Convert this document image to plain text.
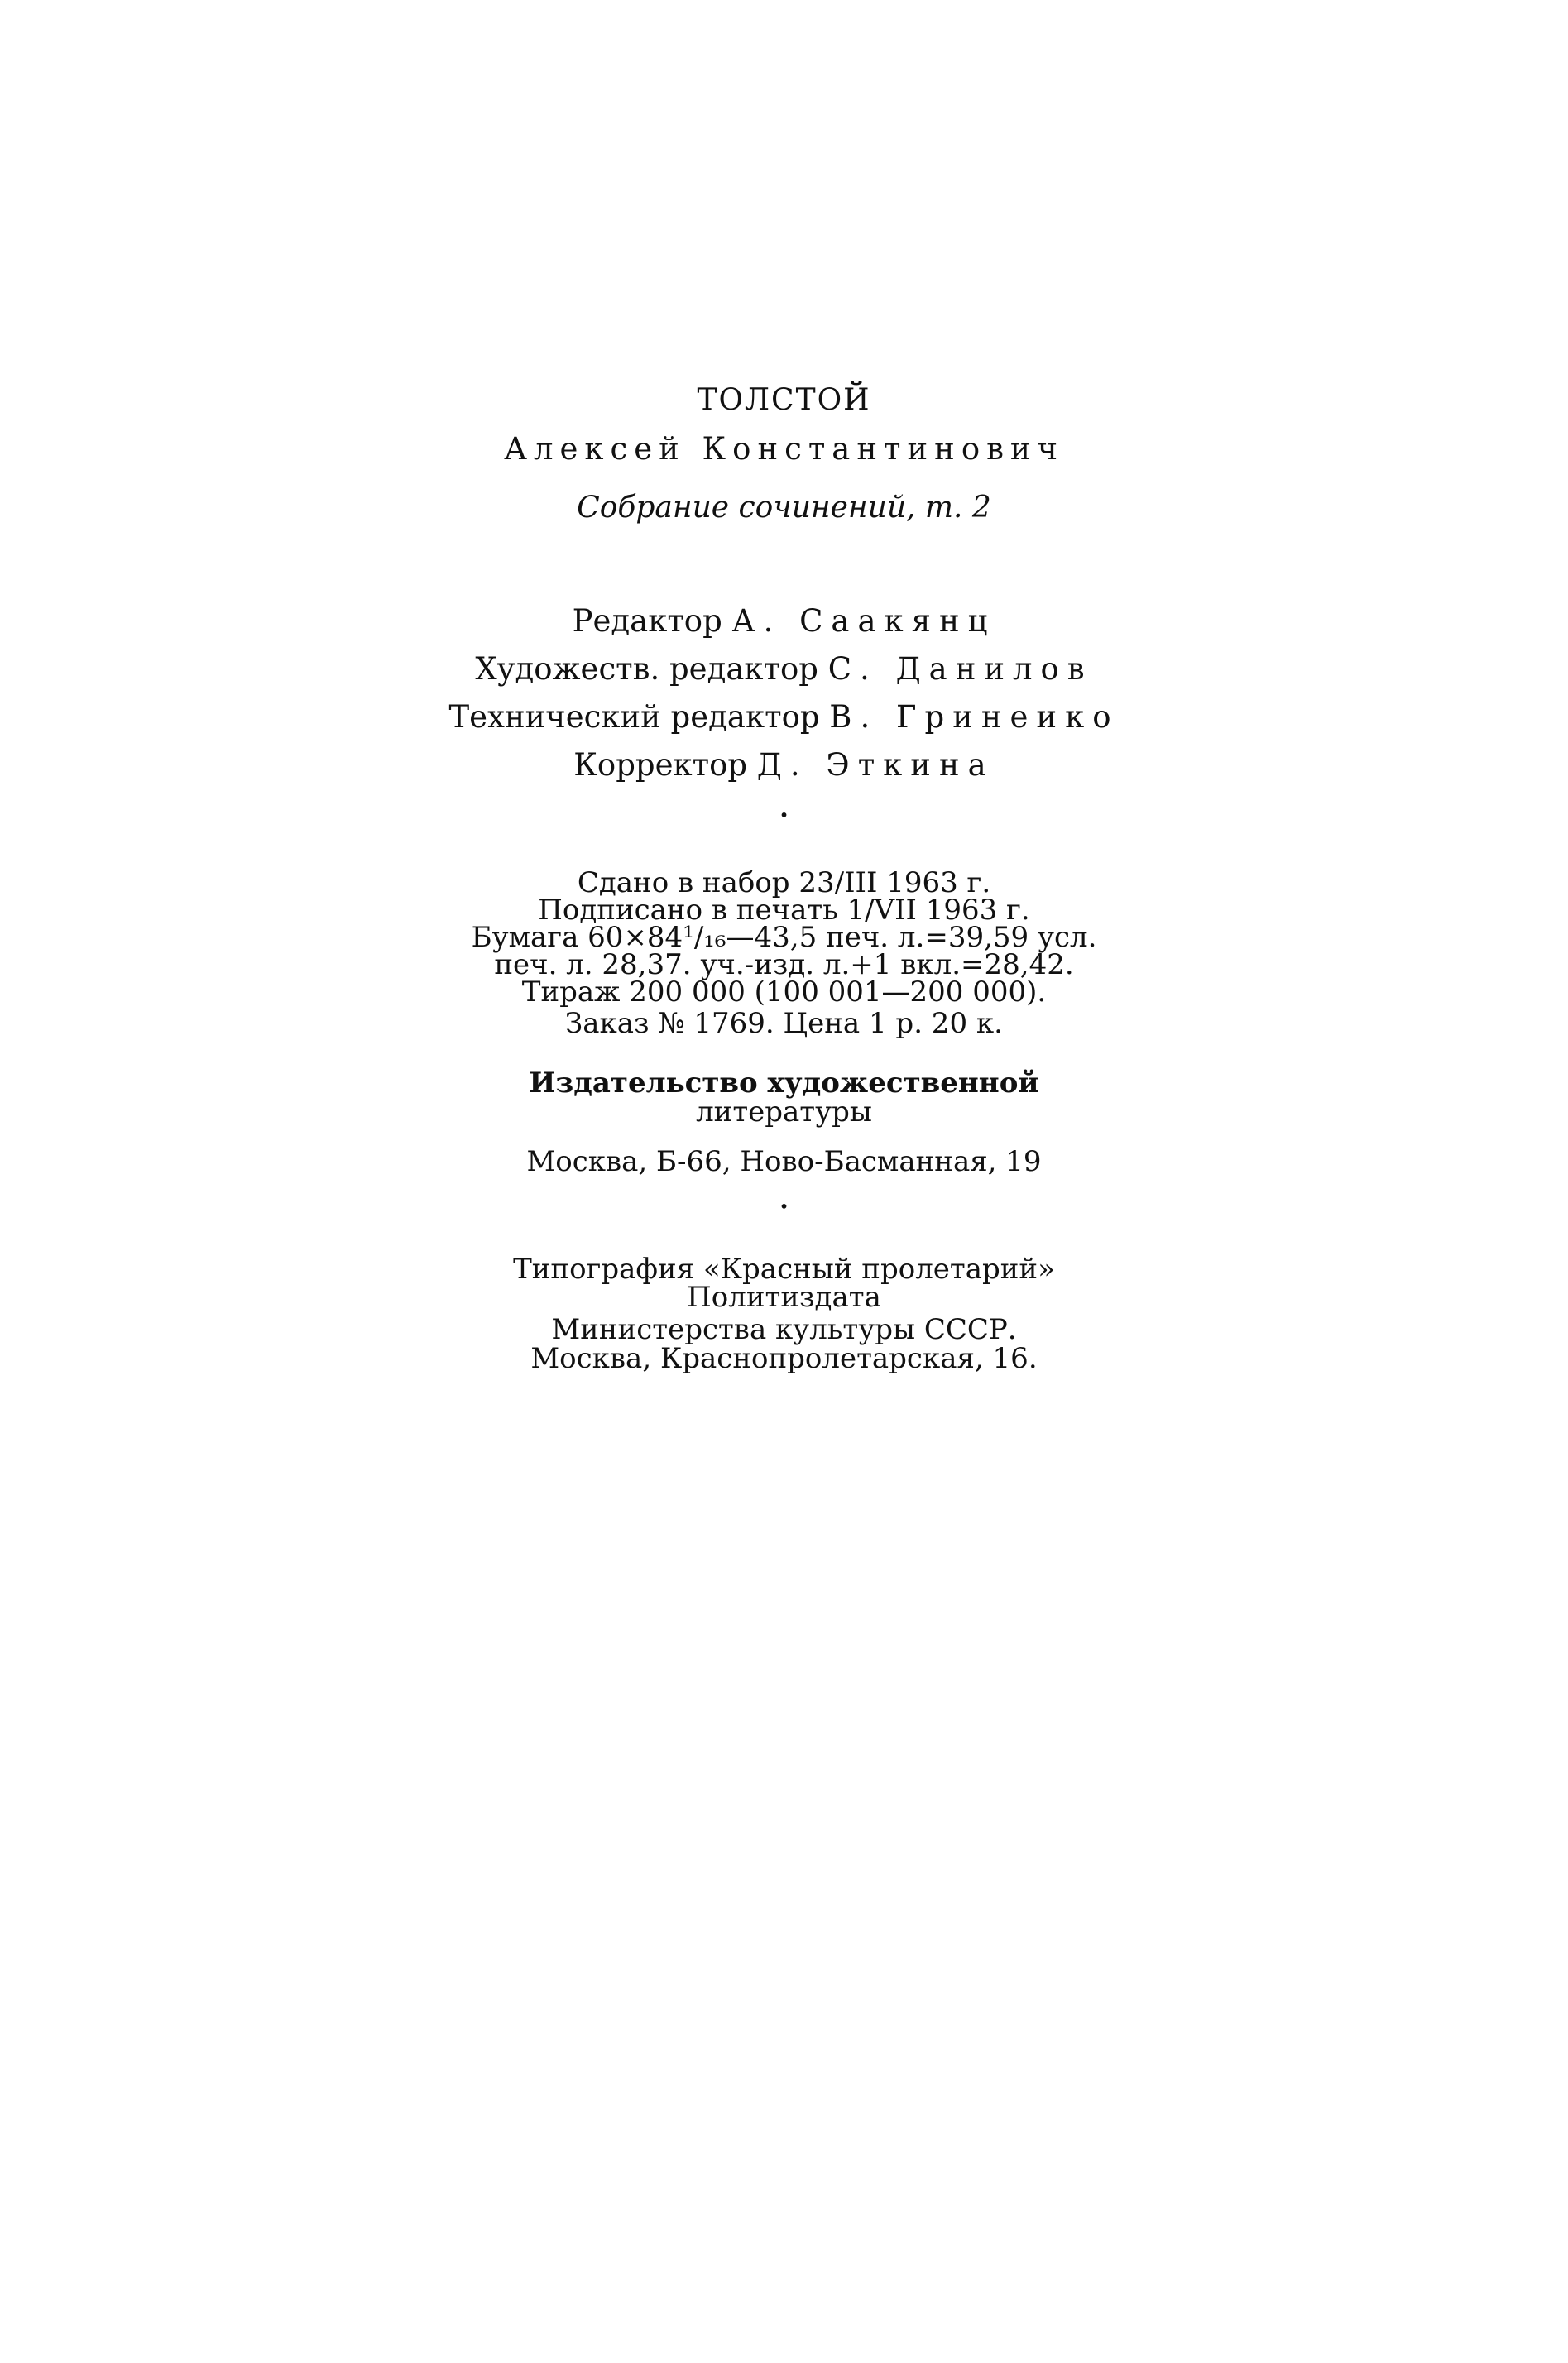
ТОЛСТОЙ
Алексей Константинович
Собрание сочинений, т. 2
Редактор А. Саакянц
Художеств. редактор С. Данилов
Технический редактор В. Гринеико
Корректор Д. Эткина
•
Сдано в набор 23/III 1963 г.
Подписано в печать 1/VII 1963 г.
Бумага 60×84¹/₁₆—43,5 печ. л.=39,59 усл.
печ. л. 28,37. уч.-изд. л.+1 вкл.=28,42.
Тираж 200 000 (100 001—200 000).
Заказ № 1769. Цена 1 р. 20 к.
Издательство художественной
литературы
Москва, Б-66, Ново-Басманная, 19
•
Типография «Красный пролетарий»
Политиздата
Министерства культуры СССР.
Москва, Краснопролетарская, 16.
